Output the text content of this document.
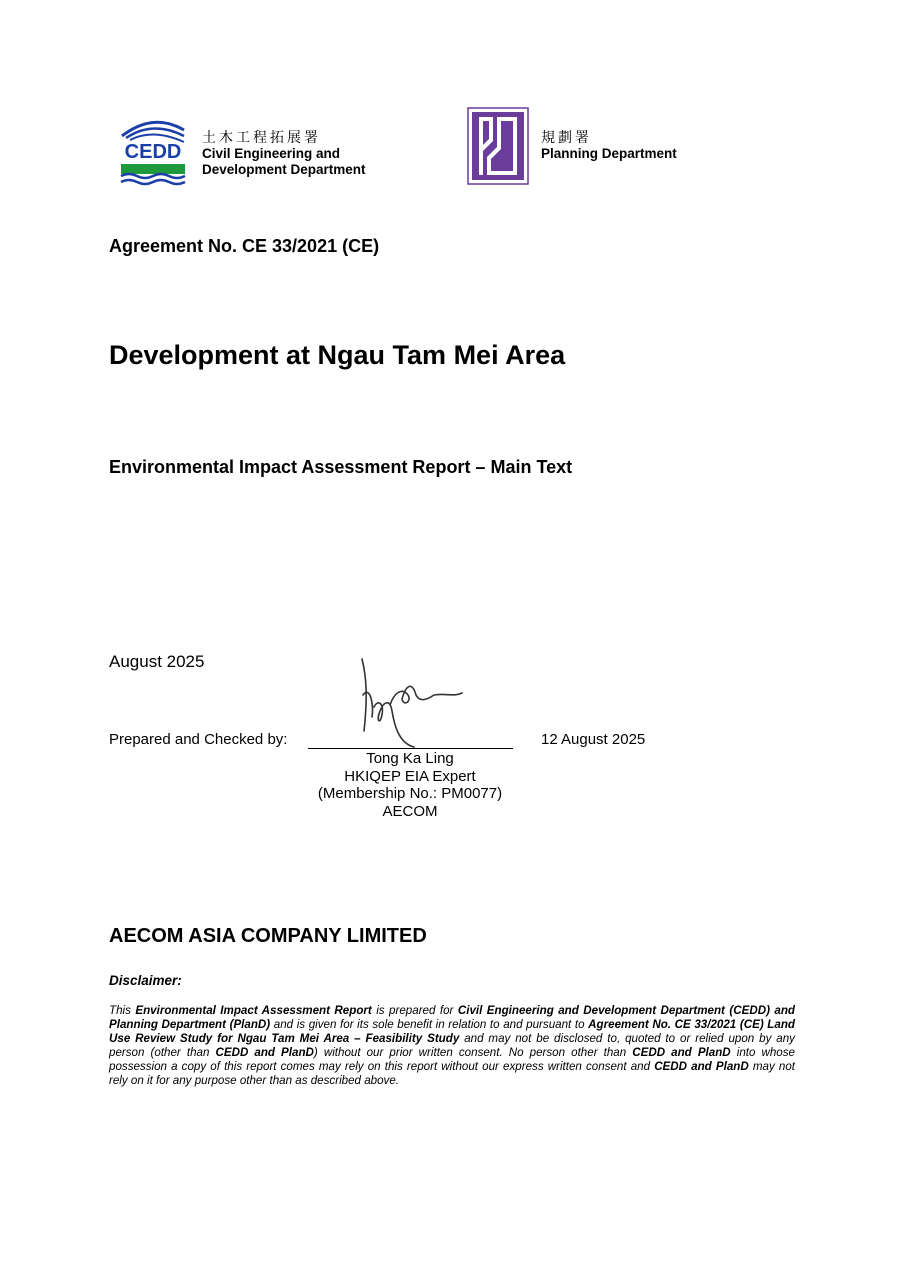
CEDD
土木工程拓展署
Civil Engineering and
Development Department
規劃署
Planning Department
Agreement No. CE 33/2021 (CE)
Development at Ngau Tam Mei Area
Environmental Impact Assessment Report – Main Text
August 2025
Prepared and Checked by:	12 August 2025
Tong Ka Ling
HKIQEP EIA Expert
(Membership No.: PM0077)
AECOM
AECOM ASIA COMPANY LIMITED
Disclaimer:
This Environmental Impact Assessment Report is prepared for Civil Engineering and Development Department (CEDD) and Planning Department (PlanD) and is given for its sole benefit in relation to and pursuant to Agreement No. CE 33/2021 (CE) Land Use Review Study for Ngau Tam Mei Area – Feasibility Study and may not be disclosed to, quoted to or relied upon by any person (other than CEDD and PlanD) without our prior written consent. No person other than CEDD and PlanD into whose possession a copy of this report comes may rely on this report without our express written consent and CEDD and PlanD may not rely on it for any purpose other than as described above.
